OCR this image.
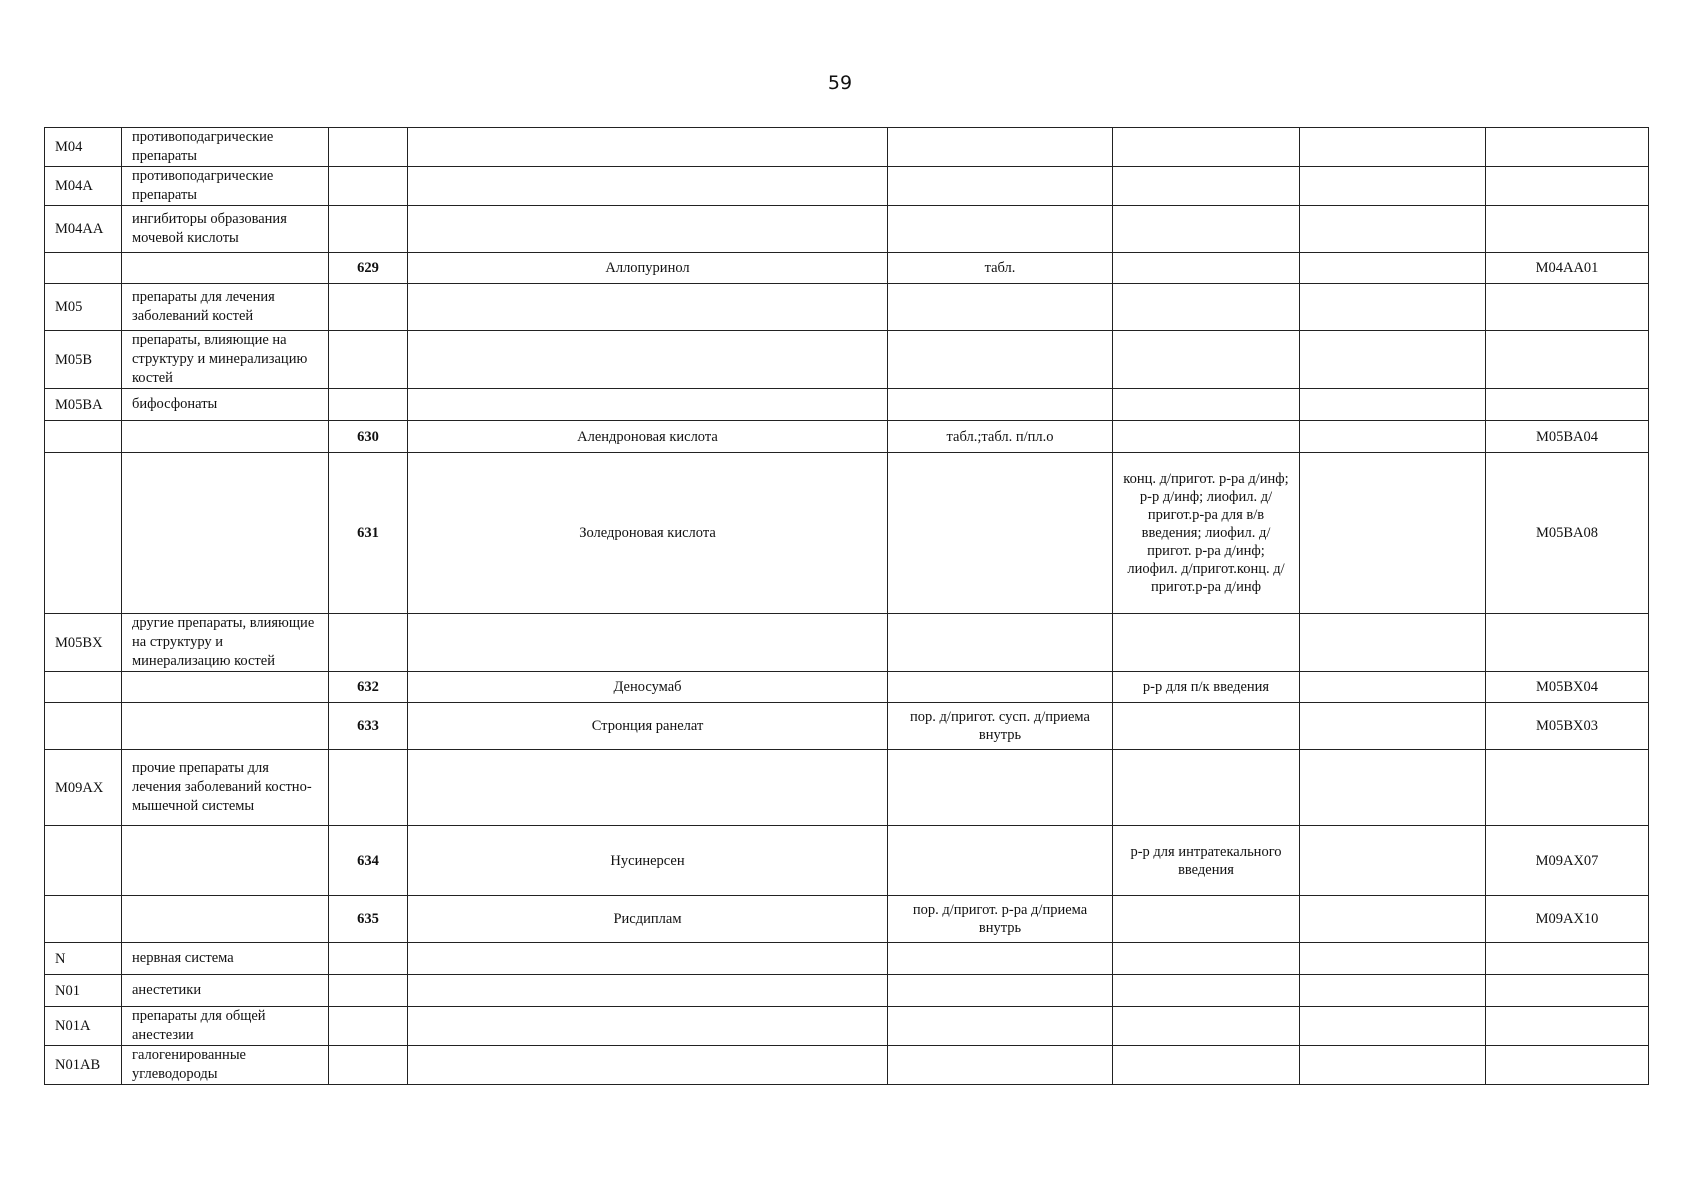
59
M04	противоподагрические препараты						
M04A	противоподагрические препараты						
M04AA	ингибиторы образования мочевой кислоты						
		629	Аллопуринол	табл.			M04AA01
M05	препараты для лечения заболеваний костей						
M05B	препараты, влияющие на структуру и минерализацию костей						
M05BA	бифосфонаты						
		630	Алендроновая кислота	табл.;табл. п/пл.о			M05BA04
		631	Золедроновая кислота		конц. д/пригот. р-ра д/инф; р-р д/инф; лиофил. д/пригот.р-ра для в/в введения; лиофил. д/пригот. р-ра д/инф; лиофил. д/пригот.конц. д/пригот.р-ра д/инф		M05BA08
M05BX	другие препараты, влияющие на структуру и минерализацию костей						
		632	Деносумаб		р-р для п/к введения		M05BX04
		633	Стронция ранелат	пор. д/пригот. сусп. д/приема внутрь			M05BX03
M09AX	прочие препараты для лечения заболеваний костно-мышечной системы						
		634	Нусинерсен		р-р для интратекального введения		M09AX07
		635	Рисдиплам	пор. д/пригот. р-ра д/приема внутрь			M09AX10
N	нервная система						
N01	анестетики						
N01A	препараты для общей анестезии						
N01AB	галогенированные углеводороды						
